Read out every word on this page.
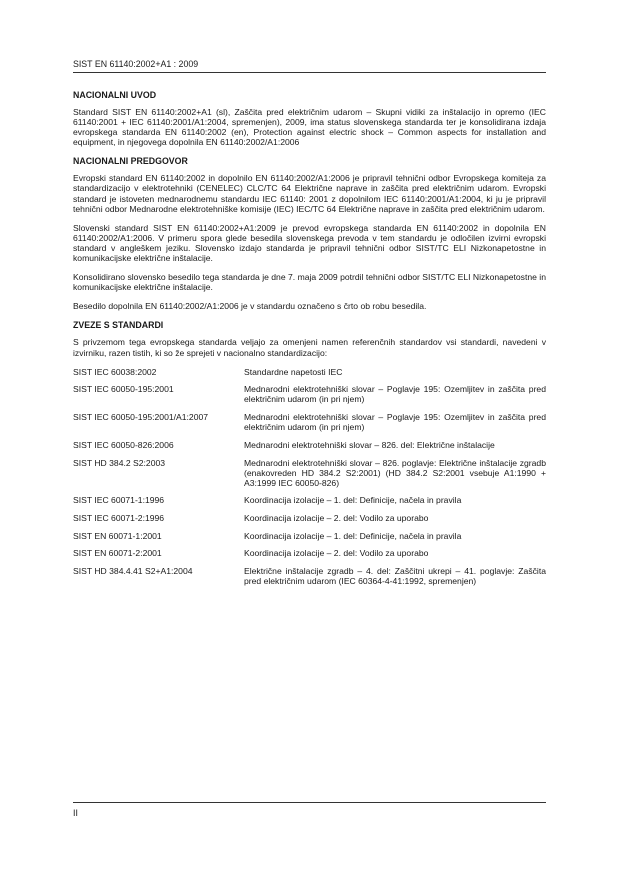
SIST EN 61140:2002+A1 : 2009
NACIONALNI UVOD

Standard SIST EN 61140:2002+A1 (sl), Zaščita pred električnim udarom – Skupni vidiki za inštalacijo in opremo (IEC 61140:2001 + IEC 61140:2001/A1:2004, spremenjen), 2009, ima status slovenskega standarda ter je konsolidirana izdaja evropskega standarda EN 61140:2002 (en), Protection against electric shock – Common aspects for installation and equipment, in njegovega dopolnila EN 61140:2002/A1:2006

NACIONALNI PREDGOVOR

Evropski standard EN 61140:2002 in dopolnilo EN 61140:2002/A1:2006 je pripravil tehnični odbor Evropskega komiteja za standardizacijo v elektrotehniki (CENELEC) CLC/TC 64 Električne naprave in zaščita pred električnim udarom. Evropski standard je istoveten mednarodnemu standardu IEC 61140: 2001 z dopolnilom IEC 61140:2001/A1:2004, ki ju je pripravil tehnični odbor Mednarodne elektrotehniške komisije (IEC) IEC/TC 64 Električne naprave in zaščita pred električnim udarom.

Slovenski standard SIST EN 61140:2002+A1:2009 je prevod evropskega standarda EN 61140:2002 in dopolnila EN 61140:2002/A1:2006. V primeru spora glede besedila slovenskega prevoda v tem standardu je odločilen izvirni evropski standard v angleškem jeziku. Slovensko izdajo standarda je pripravil tehnični odbor SIST/TC ELI Nizkonapetostne in komunikacijske električne inštalacije.

Konsolidirano slovensko besedilo tega standarda je dne 7. maja 2009 potrdil tehnični odbor SIST/TC ELI Nizkonapetostne in komunikacijske električne inštalacije.

Besedilo dopolnila EN 61140:2002/A1:2006 je v standardu označeno s črto ob robu besedila.

ZVEZE S STANDARDI

S privzemom tega evropskega standarda veljajo za omenjeni namen referenčnih standardov vsi standardi, navedeni v izvirniku, razen tistih, ki so že sprejeti v nacionalno standardizacijo:

SIST IEC 60038:2002	Standardne napetosti IEC
SIST IEC 60050-195:2001	Mednarodni elektrotehniški slovar – Poglavje 195: Ozemljitev in zaščita pred električnim udarom (in pri njem)
SIST IEC 60050-195:2001/A1:2007	Mednarodni elektrotehniški slovar – Poglavje 195: Ozemljitev in zaščita pred električnim udarom (in pri njem)
SIST IEC 60050-826:2006	Mednarodni elektrotehniški slovar – 826. del: Električne inštalacije
SIST HD 384.2 S2:2003	Mednarodni elektrotehniški slovar – 826. poglavje: Električne inštalacije zgradb (enakovreden HD 384.2 S2:2001) (HD 384.2 S2:2001 vsebuje A1:1990 + A3:1999 IEC 60050-826)
SIST IEC 60071-1:1996	Koordinacija izolacije – 1. del: Definicije, načela in pravila
SIST IEC 60071-2:1996	Koordinacija izolacije – 2. del: Vodilo za uporabo
SIST EN 60071-1:2001	Koordinacija izolacije – 1. del: Definicije, načela in pravila
SIST EN 60071-2:2001	Koordinacija izolacije – 2. del: Vodilo za uporabo
SIST HD 384.4.41 S2+A1:2004	Električne inštalacije zgradb – 4. del: Zaščitni ukrepi – 41. poglavje: Zaščita pred električnim udarom (IEC 60364-4-41:1992, spremenjen)
II
